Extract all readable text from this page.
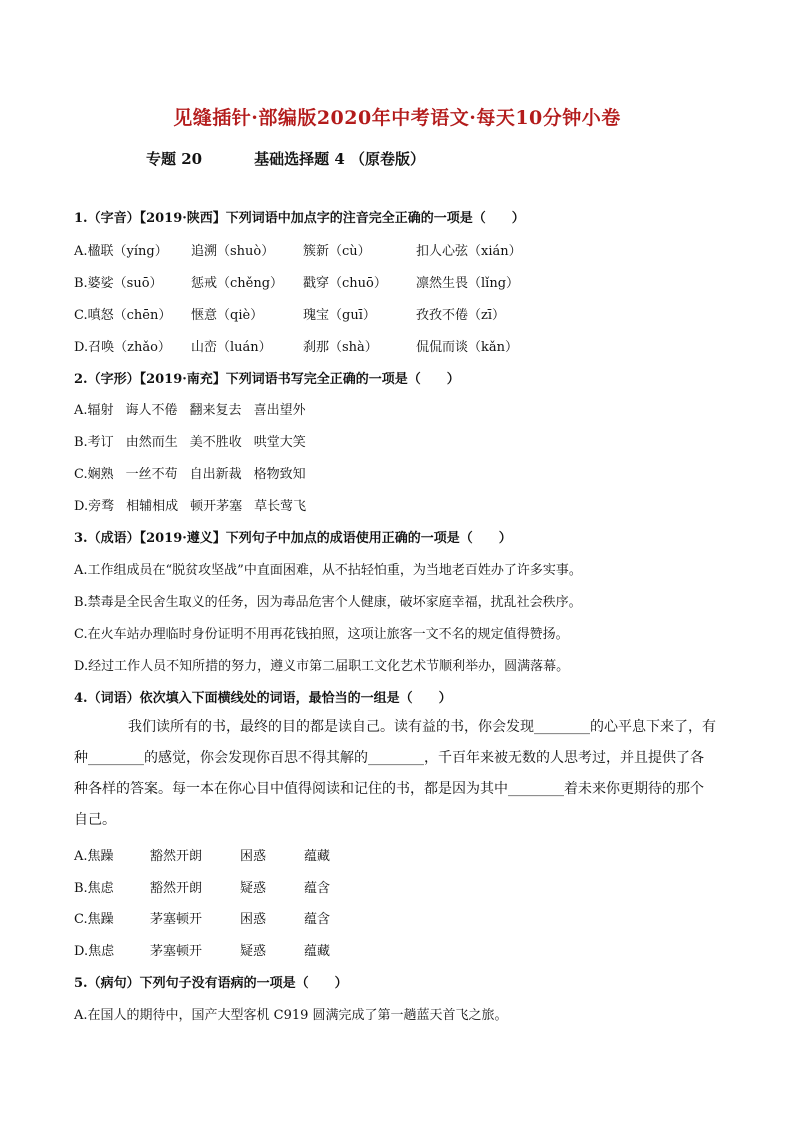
见缝插针·部编版2020年中考语文·每天10分钟小卷
专题 20	基础选择题 4 （原卷版）
1.（字音）【2019·陕西】下列词语中加点字的注音完全正确的一项是（　　）
A.楹联（yíng） 追溯（shuò） 簇新（cù）	扣人心弦（xián）
B.婆娑（suō） 惩戒（chěng） 戳穿（chuō） 凛然生畏（lǐng）
C.嗔怒（chēn） 惬意（qiè）	瑰宝（guī）	孜孜不倦（zī）
D.召唤（zhǎo） 山峦（luán） 刹那（shà）	侃侃而谈（kǎn）
2.（字形）【2019·南充】下列词语书写完全正确的一项是（　　）
A.辐射 诲人不倦 翻来复去 喜出望外
B.考订 由然而生 美不胜收 哄堂大笑
C.娴熟 一丝不苟 自出新裁 格物致知
D.旁骛 相辅相成 顿开茅塞 草长莺飞
3.（成语）【2019·遵义】下列句子中加点的成语使用正确的一项是（　　）
A.工作组成员在“脱贫攻坚战”中直面困难，从不拈轻怕重，为当地老百姓办了许多实事。
B.禁毒是全民舍生取义的任务，因为毒品危害个人健康，破坏家庭幸福，扰乱社会秩序。
C.在火车站办理临时身份证明不用再花钱拍照，这项让旅客一文不名的规定值得赞扬。
D.经过工作人员不知所措的努力，遵义市第二届职工文化艺术节顺利举办，圆满落幕。
4.（词语）依次填入下面横线处的词语，最恰当的一组是（　　）

我们读所有的书，最终的目的都是读自己。读有益的书，你会发现________的心平息下来了，有

种________的感觉，你会发现你百思不得其解的________，千百年来被无数的人思考过，并且提供了各
种各样的答案。每一本在你心目中值得阅读和记住的书，都是因为其中________着未来你更期待的那个
自己。
A.焦躁	豁然开朗	困惑	蕴藏
B.焦虑	豁然开朗	疑惑	蕴含
C.焦躁	茅塞顿开	困惑	蕴含
D.焦虑	茅塞顿开	疑惑	蕴藏
5.（病句）下列句子没有语病的一项是（　　）
A.在国人的期待中，国产大型客机 C919 圆满完成了第一趟蓝天首飞之旅。
